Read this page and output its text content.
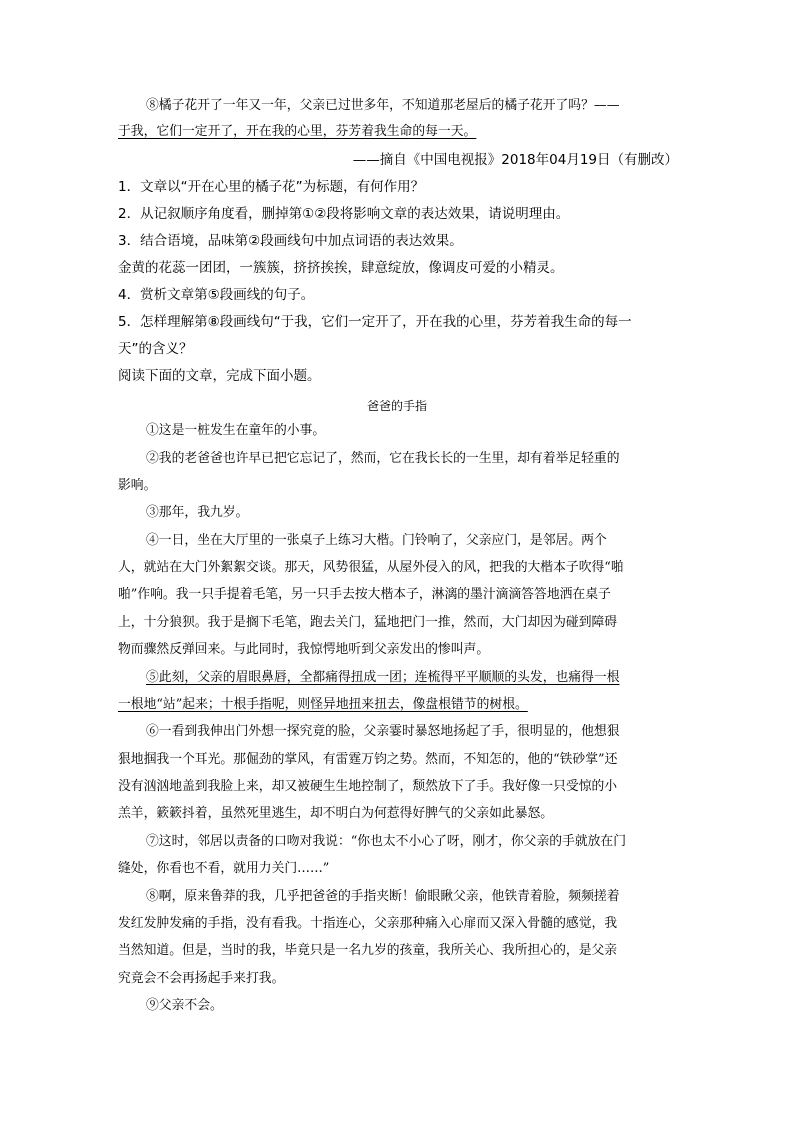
⑧橘子花开了一年又一年，父亲已过世多年，不知道那老屋后的橘子花开了吗？——
于我，它们一定开了，开在我的心里，芬芳着我生命的每一天。
——摘自《中国电视报》2018年04月19日（有删改）
1．文章以“开在心里的橘子花”为标题，有何作用？
2．从记叙顺序角度看，删掉第①②段将影响文章的表达效果，请说明理由。
3．结合语境，品味第②段画线句中加点词语的表达效果。
金黄的花蕊一团团，一簇簇，挤挤挨挨，肆意绽放，像调皮可爱的小精灵。
4．赏析文章第⑤段画线的句子。
5．怎样理解第⑧段画线句“于我，它们一定开了，开在我的心里，芬芳着我生命的每一
天”的含义？
阅读下面的文章，完成下面小题。
爸爸的手指
①这是一桩发生在童年的小事。
②我的老爸爸也许早已把它忘记了，然而，它在我长长的一生里，却有着举足轻重的
影响。
③那年，我九岁。
④一日，坐在大厅里的一张桌子上练习大楷。门铃响了，父亲应门，是邻居。两个
人，就站在大门外絮絮交谈。那天，风势很猛，从屋外侵入的风，把我的大楷本子吹得“啪
啪”作响。我一只手提着毛笔，另一只手去按大楷本子，淋漓的墨汁滴滴答答地洒在桌子
上，十分狼狈。我于是搁下毛笔，跑去关门，猛地把门一推，然而，大门却因为碰到障碍
物而骤然反弹回来。与此同时，我惊愕地听到父亲发出的惨叫声。
⑤此刻，父亲的眉眼鼻唇，全都痛得扭成一团；连梳得平平顺顺的头发，也痛得一根
一根地“站”起来；十根手指呢，则怪异地扭来扭去，像盘根错节的树根。
⑥一看到我伸出门外想一探究竟的脸，父亲霎时暴怒地扬起了手，很明显的，他想狠
狠地掴我一个耳光。那倔劲的掌风，有雷霆万钧之势。然而，不知怎的，他的“铁砂掌”还
没有汹汹地盖到我脸上来，却又被硬生生地控制了，颓然放下了手。我好像一只受惊的小
羔羊，簌簌抖着，虽然死里逃生，却不明白为何惹得好脾气的父亲如此暴怒。
⑦这时，邻居以责备的口吻对我说：“你也太不小心了呀，刚才，你父亲的手就放在门
缝处，你看也不看，就用力关门……”
⑧啊，原来鲁莽的我，几乎把爸爸的手指夹断！偷眼瞅父亲，他铁青着脸，频频搓着
发红发肿发痛的手指，没有看我。十指连心，父亲那种痛入心扉而又深入骨髓的感觉，我
当然知道。但是，当时的我，毕竟只是一名九岁的孩童，我所关心、我所担心的，是父亲
究竟会不会再扬起手来打我。
⑨父亲不会。
